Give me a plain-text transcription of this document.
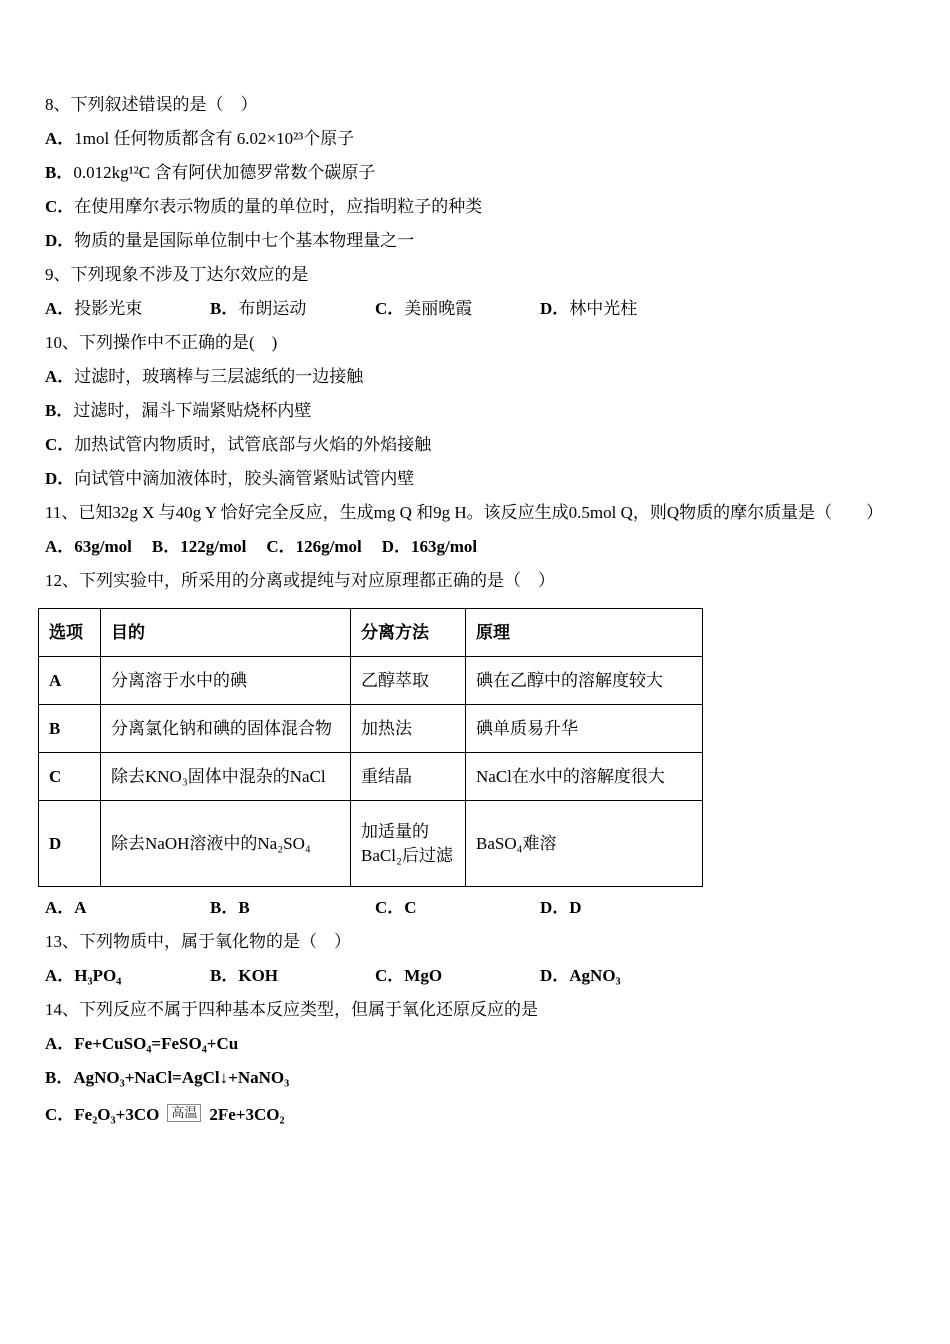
8、下列叙述错误的是（　）
A．1mol 任何物质都含有 6.02×10²³个原子
B．0.012kg¹²C 含有阿伏加德罗常数个碳原子
C．在使用摩尔表示物质的量的单位时，应指明粒子的种类
D．物质的量是国际单位制中七个基本物理量之一
9、下列现象不涉及丁达尔效应的是
A．投影光束	B．布朗运动	C．美丽晚霞	D．林中光柱
10、下列操作中不正确的是(　)
A．过滤时，玻璃棒与三层滤纸的一边接触
B．过滤时，漏斗下端紧贴烧杯内壁
C．加热试管内物质时，试管底部与火焰的外焰接触
D．向试管中滴加液体时，胶头滴管紧贴试管内壁
11、已知32g X 与40g Y 恰好完全反应，生成mg Q 和9g H。该反应生成0.5mol Q，则Q物质的摩尔质量是（　　）
A．63g/mol B．122g/mol C．126g/mol D．163g/mol
12、下列实验中，所采用的分离或提纯与对应原理都正确的是（　）
选项	目的	分离方法	原理
A	分离溶于水中的碘	乙醇萃取	碘在乙醇中的溶解度较大
B	分离氯化钠和碘的固体混合物	加热法	碘单质易升华
C	除去KNO₃固体中混杂的NaCl	重结晶	NaCl在水中的溶解度很大
D	除去NaOH溶液中的Na₂SO₄	加适量的BaCl₂后过滤	BaSO₄难溶
A．A	B．B	C．C	D．D
13、下列物质中，属于氧化物的是（　）
A．H₃PO₄	B．KOH	C．MgO	D．AgNO₃
14、下列反应不属于四种基本反应类型，但属于氧化还原反应的是
A．Fe+CuSO₄=FeSO₄+Cu
B．AgNO₃+NaCl=AgCl↓+NaNO₃
C．Fe₂O₃+3CO 高温 2Fe+3CO₂
